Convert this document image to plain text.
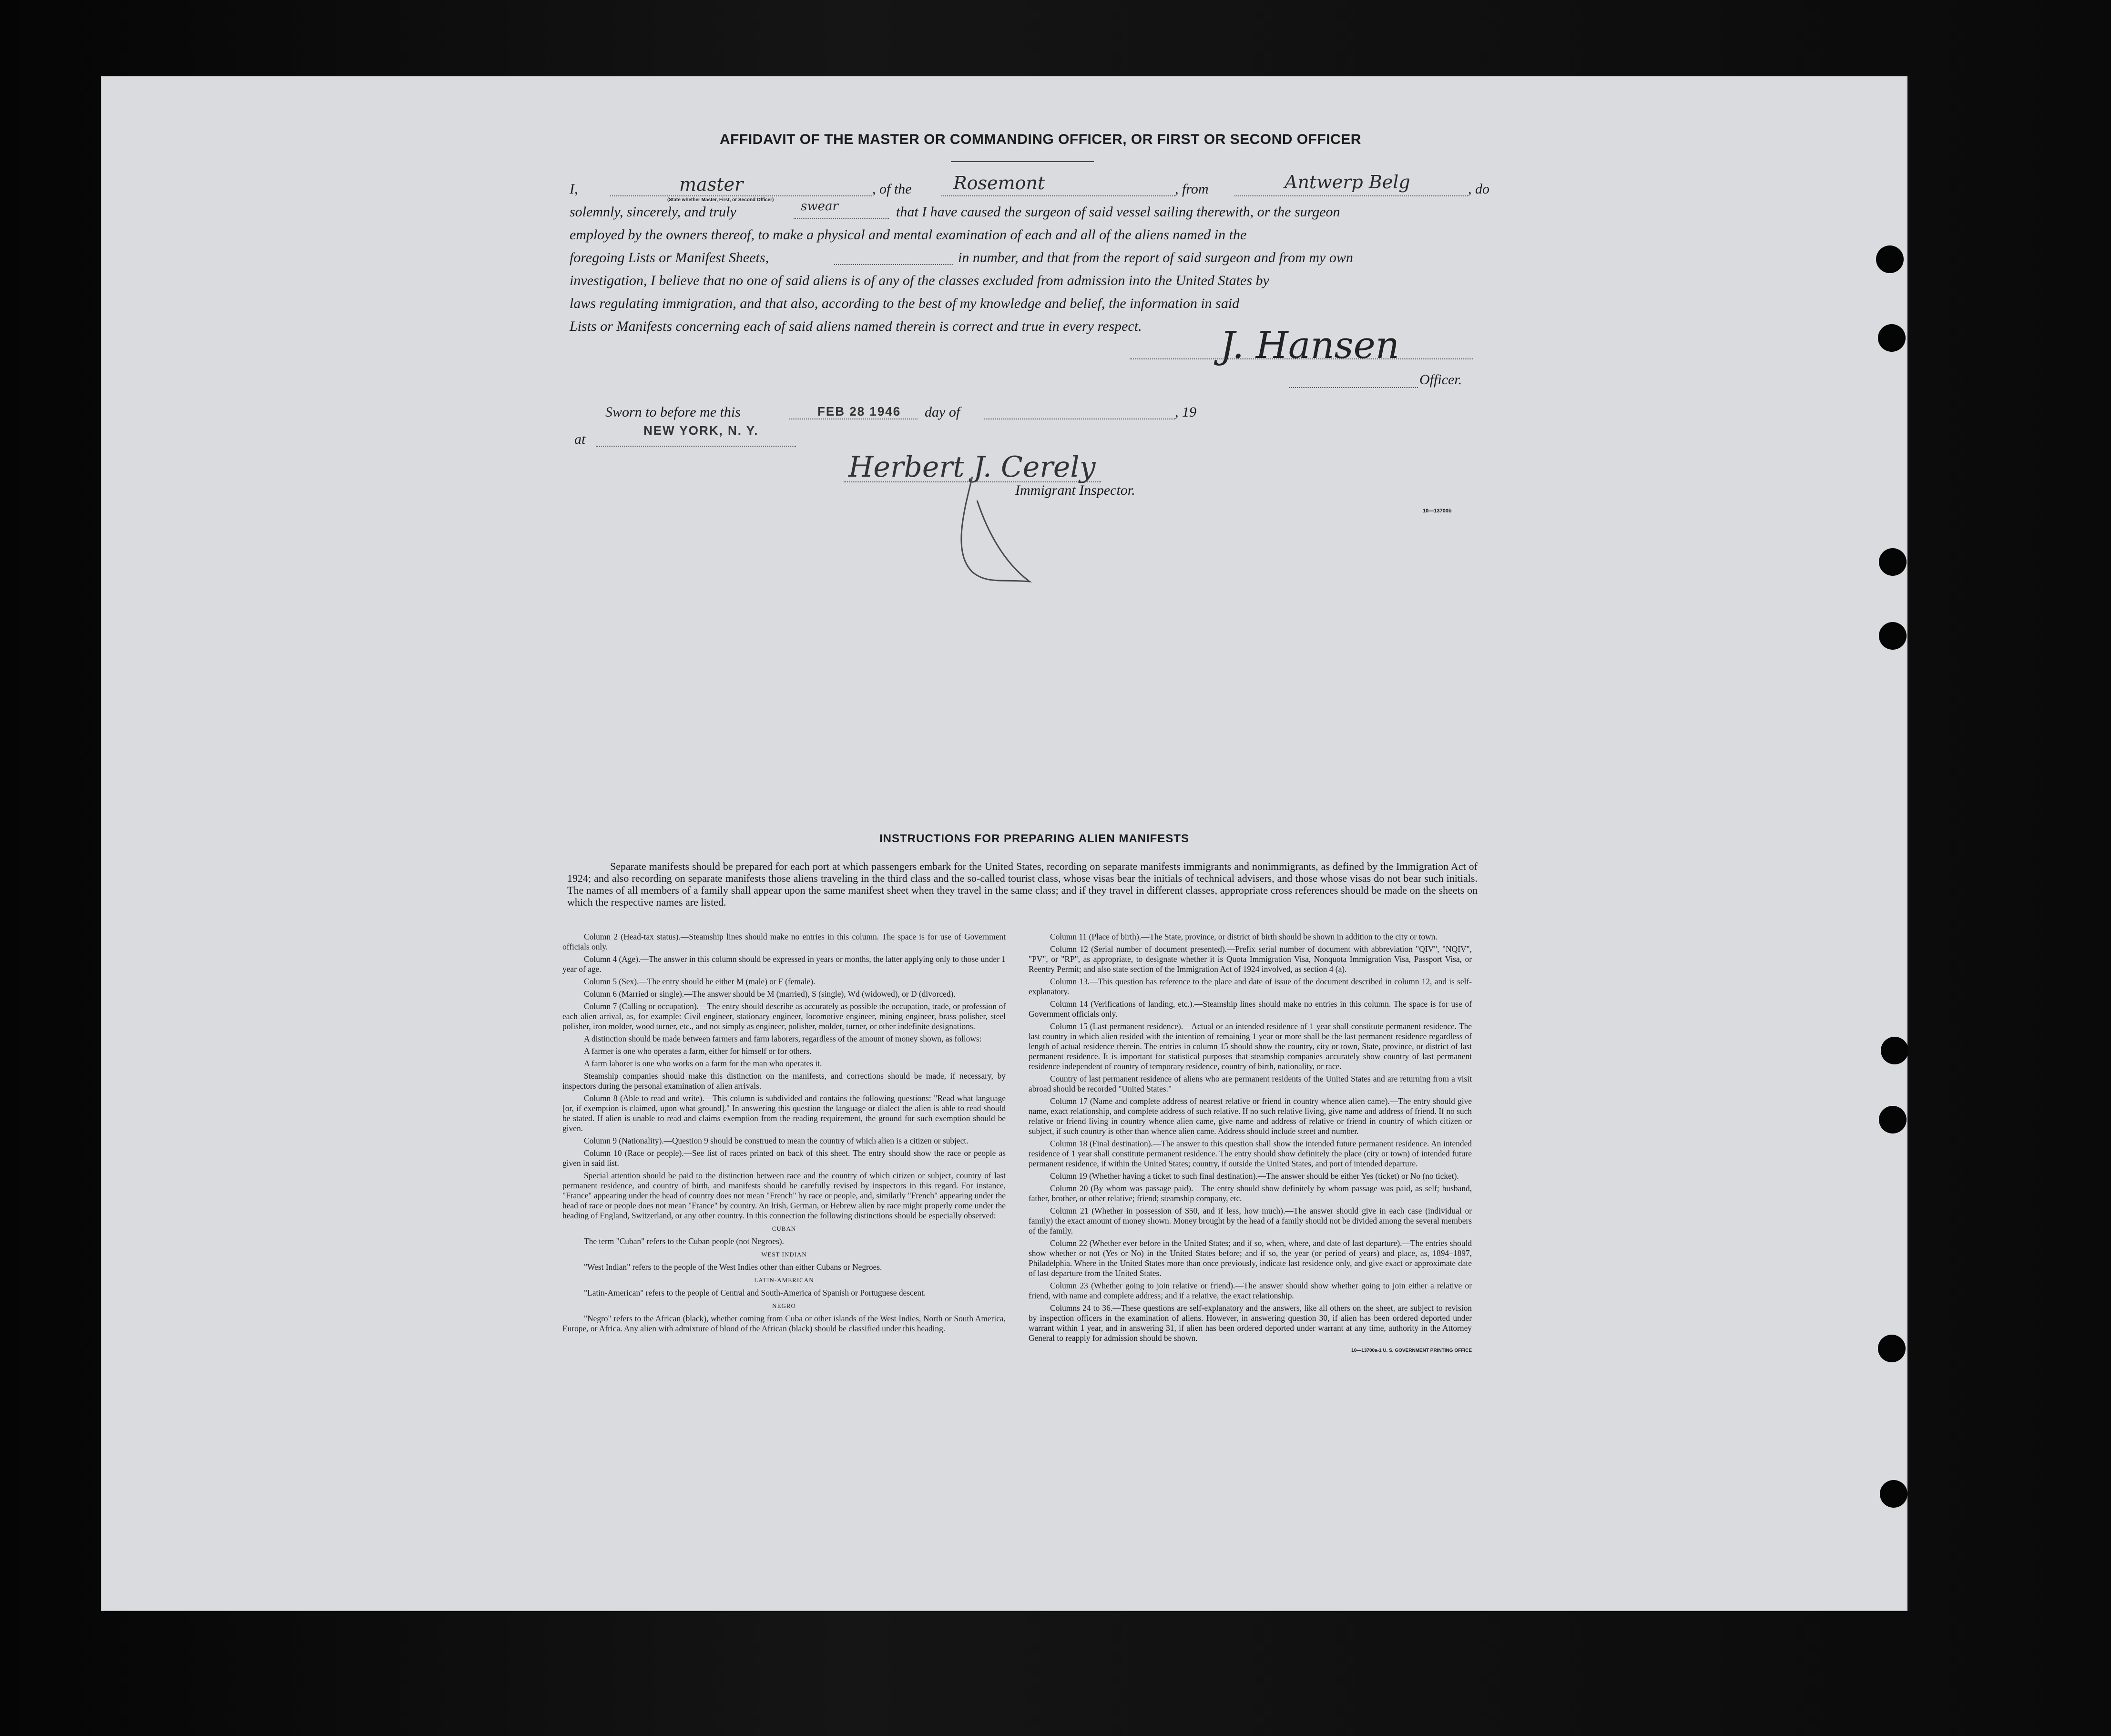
AFFIDAVIT OF THE MASTER OR COMMANDING OFFICER, OR FIRST OR SECOND OFFICER
I,	master
(State whether Master, First, or Second Officer)
, of the Rosemont	, from	Antwerp Belg	, do
solemnly, sincerely, and truly	swear	that I have caused the surgeon of said vessel sailing therewith, or the surgeon
employed by the owners thereof, to make a physical and mental examination of each and all of the aliens named in the
foregoing Lists or Manifest Sheets,	in number, and that from the report of said surgeon and from my own
investigation, I believe that no one of said aliens is of any of the classes excluded from admission into the United States by
laws regulating immigration, and that also, according to the best of my knowledge and belief, the information in said
Lists or Manifests concerning each of said aliens named therein is correct and true in every respect. J. Hansen
Officer.
Sworn to before me this	FEB 28 1946 day of	, 19
at
NEW YORK, N. Y.
Herbert J. Cerely
Immigrant Inspector.
10—13700b
INSTRUCTIONS FOR PREPARING ALIEN MANIFESTS

Separate manifests should be prepared for each port at which passengers embark for the United States, recording on separate manifests immigrants and nonimmigrants, as defined by the Immigration Act of 1924; and also recording on separate manifests those aliens traveling in the third class and the so-called tourist class, whose visas bear the initials of technical advisers, and those whose visas do not bear such initials. The names of all members of a family shall appear upon the same manifest sheet when they travel in the same class; and if they travel in different classes, appropriate cross references should be made on the sheets on which the respective names are listed.

Column 2 (Head-tax status).—Steamship lines should make no entries in this column. The space is for use of Government officials only.

Column 4 (Age).—The answer in this column should be expressed in years or months, the latter applying only to those under 1 year of age.

Column 5 (Sex).—The entry should be either M (male) or F (female).

Column 6 (Married or single).—The answer should be M (married), S (single), Wd (widowed), or D (divorced).

Column 7 (Calling or occupation).—The entry should describe as accurately as possible the occupation, trade, or profession of each alien arrival, as, for example: Civil engineer, stationary engineer, locomotive engineer, mining engineer, brass polisher, steel polisher, iron molder, wood turner, etc., and not simply as engineer, polisher, molder, turner, or other indefinite designations.

A distinction should be made between farmers and farm laborers, regardless of the amount of money shown, as follows:

A farmer is one who operates a farm, either for himself or for others.

A farm laborer is one who works on a farm for the man who operates it.

Steamship companies should make this distinction on the manifests, and corrections should be made, if necessary, by inspectors during the personal examination of alien arrivals.

Column 8 (Able to read and write).—This column is subdivided and contains the following questions: "Read what language [or, if exemption is claimed, upon what ground]." In answering this question the language or dialect the alien is able to read should be stated. If alien is unable to read and claims exemption from the reading requirement, the ground for such exemption should be given.

Column 9 (Nationality).—Question 9 should be construed to mean the country of which alien is a citizen or subject.

Column 10 (Race or people).—See list of races printed on back of this sheet. The entry should show the race or people as given in said list.

Special attention should be paid to the distinction between race and the country of which citizen or subject, country of last permanent residence, and country of birth, and manifests should be carefully revised by inspectors in this regard. For instance, "France" appearing under the head of country does not mean "French" by race or people, and, similarly "French" appearing under the head of race or people does not mean "France" by country. An Irish, German, or Hebrew alien by race might properly come under the heading of England, Switzerland, or any other country. In this connection the following distinctions should be especially observed:

CUBAN

The term "Cuban" refers to the Cuban people (not Negroes).

WEST INDIAN

"West Indian" refers to the people of the West Indies other than either Cubans or Negroes.

LATIN-AMERICAN

"Latin-American" refers to the people of Central and South-America of Spanish or Portuguese descent.

NEGRO

"Negro" refers to the African (black), whether coming from Cuba or other islands of the West Indies, North or South America, Europe, or Africa. Any alien with admixture of blood of the African (black) should be classified under this heading.

Column 11 (Place of birth).—The State, province, or district of birth should be shown in addition to the city or town.

Column 12 (Serial number of document presented).—Prefix serial number of document with abbreviation "QIV", "NQIV", "PV", or "RP", as appropriate, to designate whether it is Quota Immigration Visa, Nonquota Immigration Visa, Passport Visa, or Reentry Permit; and also state section of the Immigration Act of 1924 involved, as section 4 (a).

Column 13.—This question has reference to the place and date of issue of the document described in column 12, and is self-explanatory.

Column 14 (Verifications of landing, etc.).—Steamship lines should make no entries in this column. The space is for use of Government officials only.

Column 15 (Last permanent residence).—Actual or an intended residence of 1 year shall constitute permanent residence. The last country in which alien resided with the intention of remaining 1 year or more shall be the last permanent residence regardless of length of actual residence therein. The entries in column 15 should show the country, city or town, State, province, or district of last permanent residence. It is important for statistical purposes that steamship companies accurately show country of last permanent residence independent of country of temporary residence, country of birth, nationality, or race.

Country of last permanent residence of aliens who are permanent residents of the United States and are returning from a visit abroad should be recorded "United States."

Column 17 (Name and complete address of nearest relative or friend in country whence alien came).—The entry should give name, exact relationship, and complete address of such relative. If no such relative living, give name and address of friend. If no such relative or friend living in country whence alien came, give name and address of relative or friend in country of which citizen or subject, if such country is other than whence alien came. Address should include street and number.

Column 18 (Final destination).—The answer to this question shall show the intended future permanent residence. An intended residence of 1 year shall constitute permanent residence. The entry should show definitely the place (city or town) of intended future permanent residence, if within the United States; country, if outside the United States, and port of intended departure.

Column 19 (Whether having a ticket to such final destination).—The answer should be either Yes (ticket) or No (no ticket).

Column 20 (By whom was passage paid).—The entry should show definitely by whom passage was paid, as self; husband, father, brother, or other relative; friend; steamship company, etc.

Column 21 (Whether in possession of $50, and if less, how much).—The answer should give in each case (individual or family) the exact amount of money shown. Money brought by the head of a family should not be divided among the several members of the family.

Column 22 (Whether ever before in the United States; and if so, when, where, and date of last departure).—The entries should show whether or not (Yes or No) in the United States before; and if so, the year (or period of years) and place, as, 1894–1897, Philadelphia. Where in the United States more than once previously, indicate last residence only, and give exact or approximate date of last departure from the United States.

Column 23 (Whether going to join relative or friend).—The answer should show whether going to join either a relative or friend, with name and complete address; and if a relative, the exact relationship.

Columns 24 to 36.—These questions are self-explanatory and the answers, like all others on the sheet, are subject to revision by inspection officers in the examination of aliens. However, in answering question 30, if alien has been ordered deported under warrant within 1 year, and in answering 31, if alien has been ordered deported under warrant at any time, authority in the Attorney General to reapply for admission should be shown.

10—13700a-1 U. S. GOVERNMENT PRINTING OFFICE
